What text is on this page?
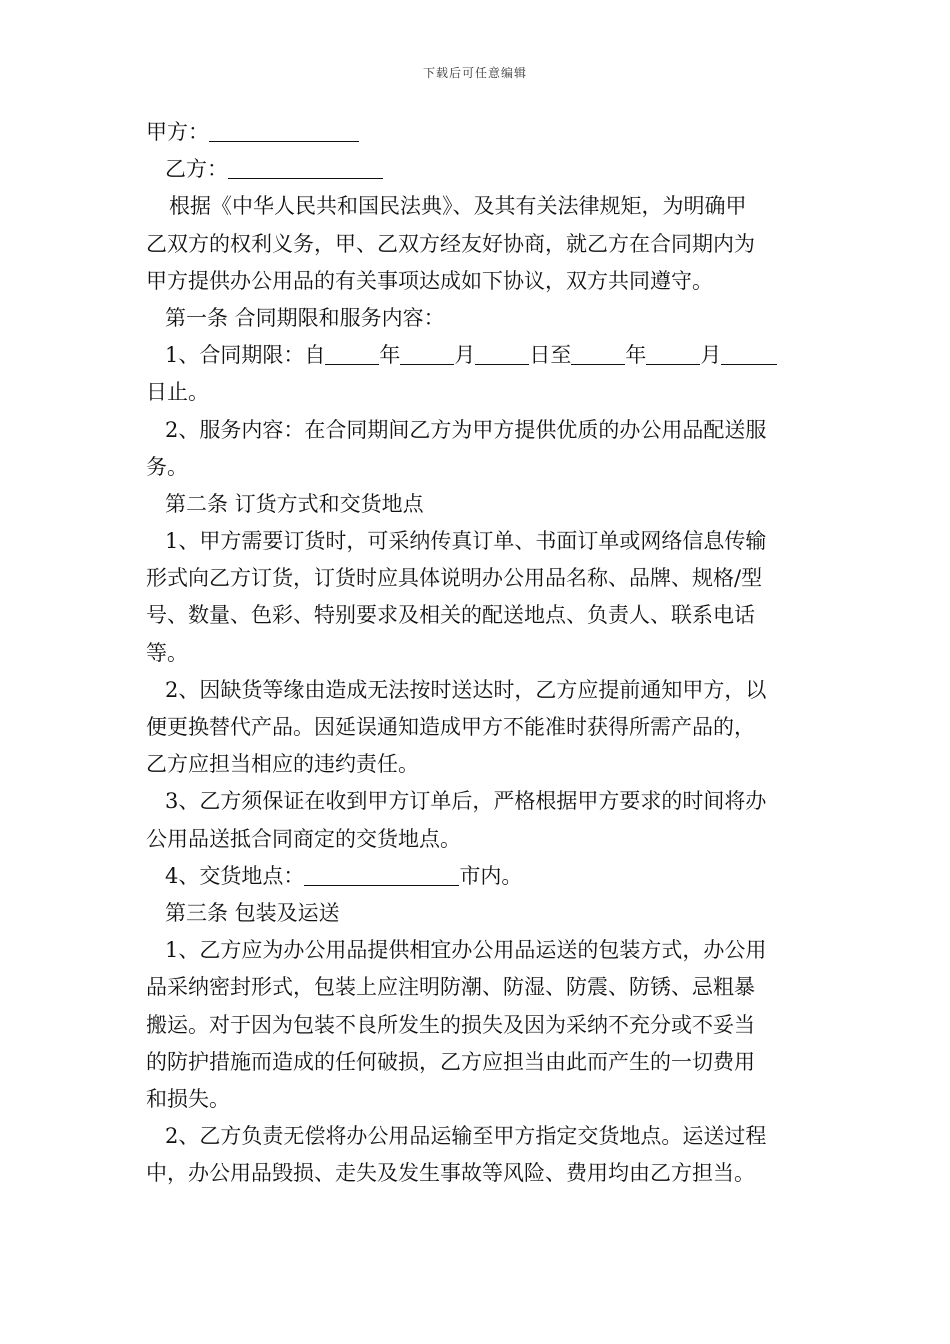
下载后可任意编辑
甲方：
乙方：
根据《中华人民共和国民法典》、及其有关法律规矩，为明确甲
乙双方的权利义务，甲、乙双方经友好协商，就乙方在合同期内为
甲方提供办公用品的有关事项达成如下协议，双方共同遵守。
第一条 合同期限和服务内容：
1、合同期限：自	年	月	日至	年	月
日止。
2、服务内容：在合同期间乙方为甲方提供优质的办公用品配送服
务。
第二条 订货方式和交货地点
1、甲方需要订货时，可采纳传真订单、书面订单或网络信息传输
形式向乙方订货，订货时应具体说明办公用品名称、品牌、规格/型
号、数量、色彩、特别要求及相关的配送地点、负责人、联系电话
等。
2、因缺货等缘由造成无法按时送达时，乙方应提前通知甲方，以
便更换替代产品。因延误通知造成甲方不能准时获得所需产品的，
乙方应担当相应的违约责任。
3、乙方须保证在收到甲方订单后，严格根据甲方要求的时间将办
公用品送抵合同商定的交货地点。
4、交货地点：	市内。
第三条 包装及运送
1、乙方应为办公用品提供相宜办公用品运送的包装方式，办公用
品采纳密封形式，包装上应注明防潮、防湿、防震、防锈、忌粗暴
搬运。对于因为包装不良所发生的损失及因为采纳不充分或不妥当
的防护措施而造成的任何破损，乙方应担当由此而产生的一切费用
和损失。
2、乙方负责无偿将办公用品运输至甲方指定交货地点。运送过程
中，办公用品毁损、走失及发生事故等风险、费用均由乙方担当。
